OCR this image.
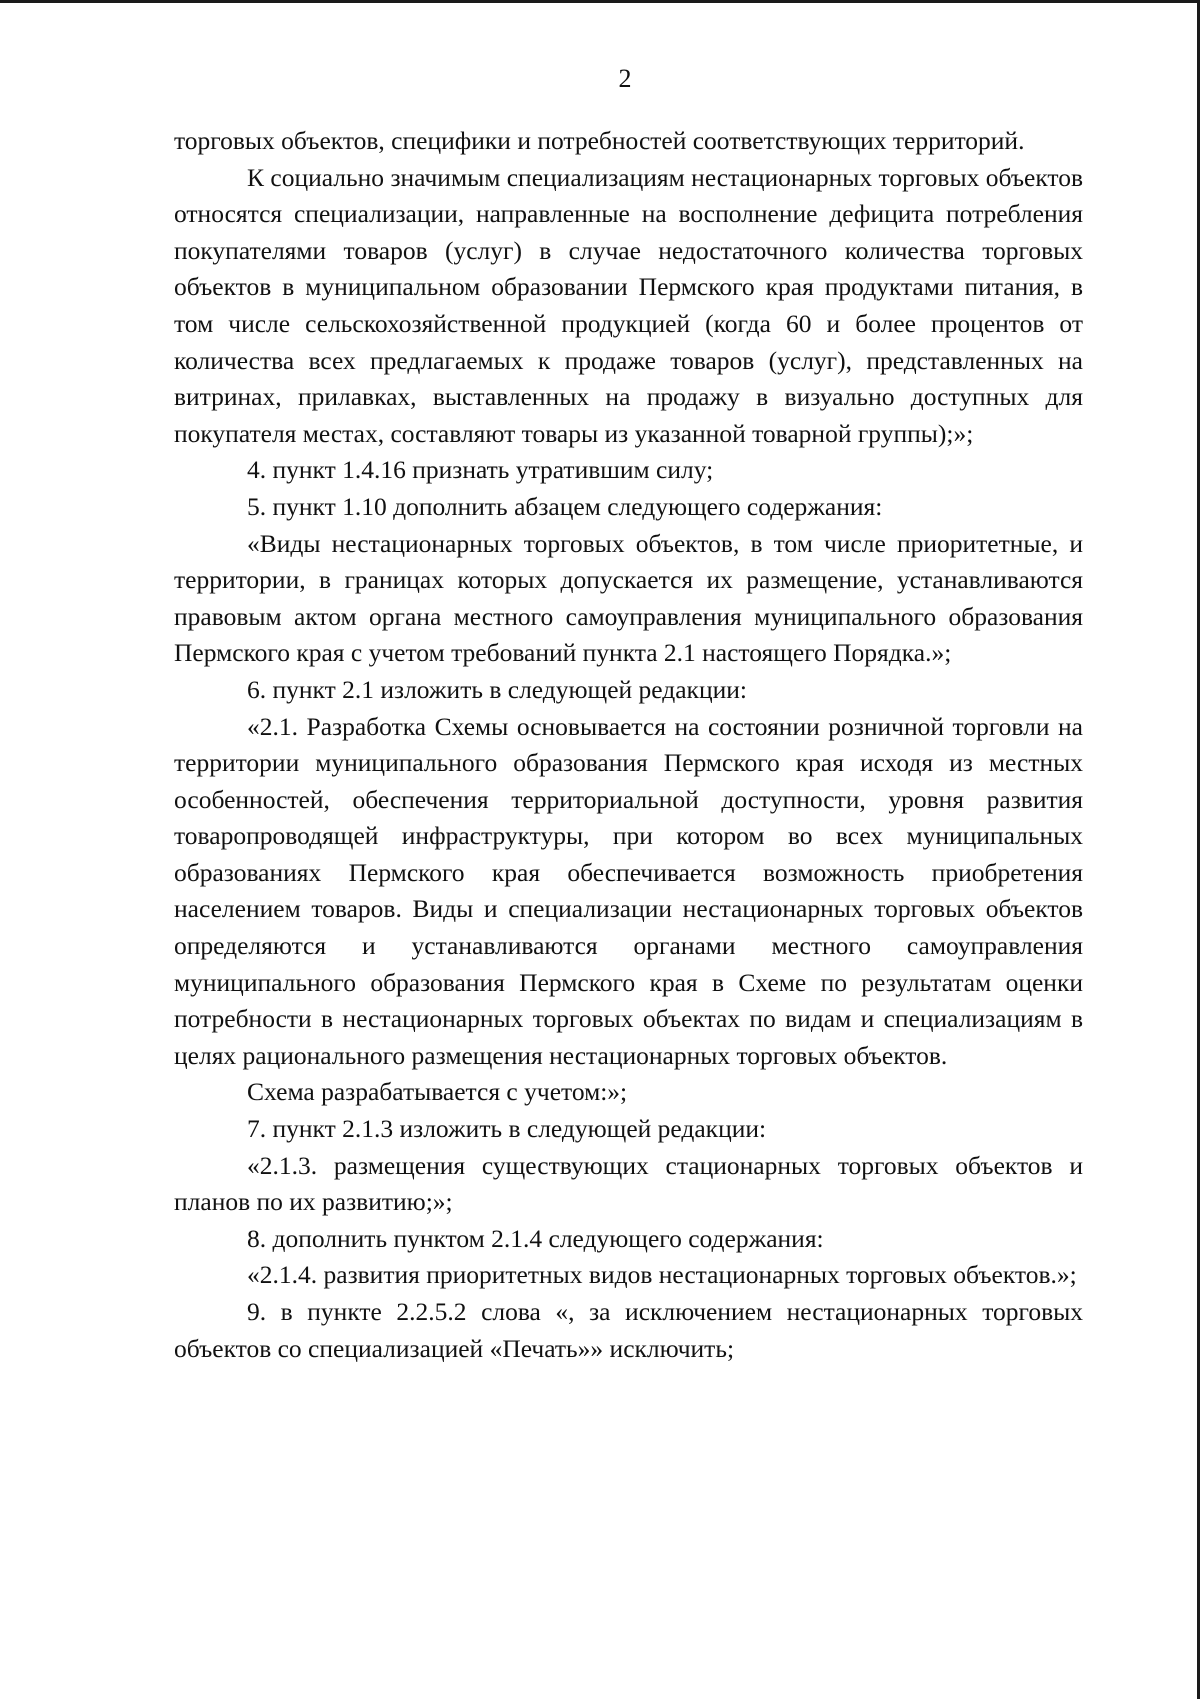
2

торговых объектов, специфики и потребностей соответствующих территорий.

К социально значимым специализациям нестационарных торговых объектов относятся специализации, направленные на восполнение дефицита потребления покупателями товаров (услуг) в случае недостаточного количества торговых объектов в муниципальном образовании Пермского края продуктами питания, в том числе сельскохозяйственной продукцией (когда 60 и более процентов от количества всех предлагаемых к продаже товаров (услуг), представленных на витринах, прилавках, выставленных на продажу в визуально доступных для покупателя местах, составляют товары из указанной товарной группы);»;

4. пункт 1.4.16 признать утратившим силу;

5. пункт 1.10 дополнить абзацем следующего содержания:

«Виды нестационарных торговых объектов, в том числе приоритетные, и территории, в границах которых допускается их размещение, устанавливаются правовым актом органа местного самоуправления муниципального образования Пермского края с учетом требований пункта 2.1 настоящего Порядка.»;

6. пункт 2.1 изложить в следующей редакции:

«2.1. Разработка Схемы основывается на состоянии розничной торговли на территории муниципального образования Пермского края исходя из местных особенностей, обеспечения территориальной доступности, уровня развития товаропроводящей инфраструктуры, при котором во всех муниципальных образованиях Пермского края обеспечивается возможность приобретения населением товаров. Виды и специализации нестационарных торговых объектов определяются и устанавливаются органами местного самоуправления муниципального образования Пермского края в Схеме по результатам оценки потребности в нестационарных торговых объектах по видам и специализациям в целях рационального размещения нестационарных торговых объектов.

Схема разрабатывается с учетом:»;

7. пункт 2.1.3 изложить в следующей редакции:

«2.1.3. размещения существующих стационарных торговых объектов и планов по их развитию;»;

8. дополнить пунктом 2.1.4 следующего содержания:

«2.1.4. развития приоритетных видов нестационарных торговых объектов.»;

9. в пункте 2.2.5.2 слова «, за исключением нестационарных торговых объектов со специализацией «Печать»» исключить;
